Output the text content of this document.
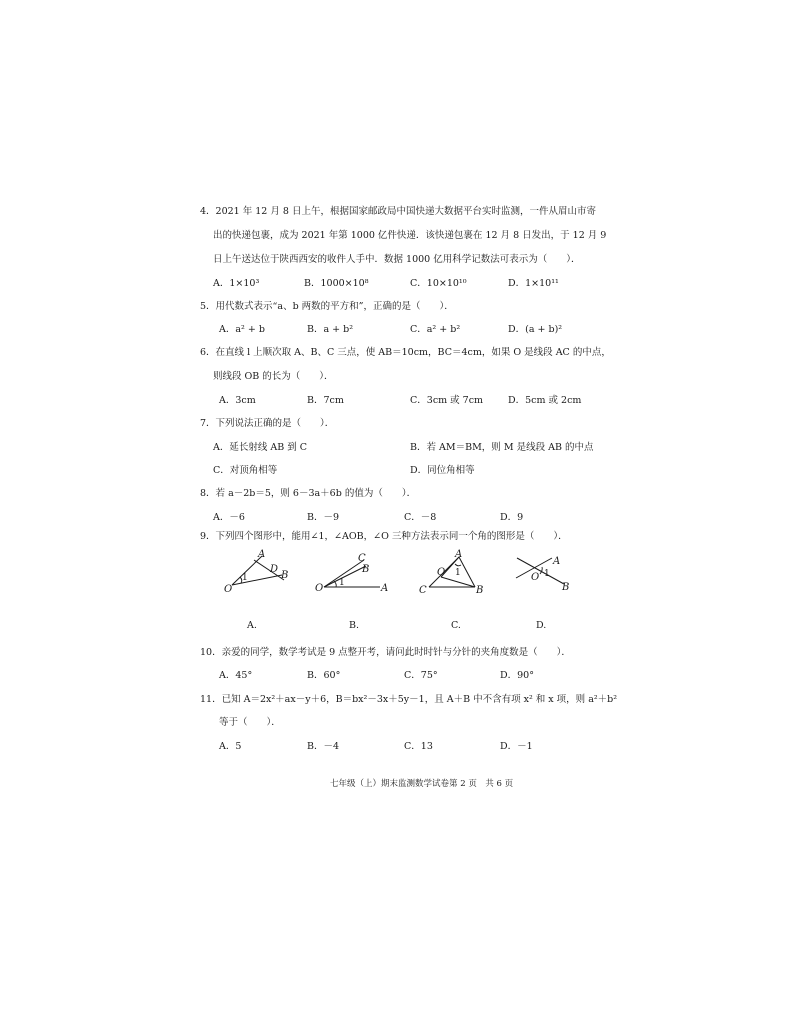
4．2021 年 12 月 8 日上午，根据国家邮政局中国快递大数据平台实时监测，一件从眉山市寄
出的快递包裹，成为 2021 年第 1000 亿件快递．该快递包裹在 12 月 8 日发出，于 12 月 9
日上午送达位于陕西西安的收件人手中．数据 1000 亿用科学记数法可表示为（　　）．
A．1×10³	B．1000×10⁸	C．10×10¹⁰	D．1×10¹¹
5．用代数式表示“a、b 两数的平方和”，正确的是（　　）．
A．a² + b	B．a + b²	C．a² + b²	D．(a + b)²
6．在直线 l 上顺次取 A、B、C 三点，使 AB＝10cm，BC＝4cm，如果 O 是线段 AC 的中点，
则线段 OB 的长为（　　）．
A．3cm	B．7cm	C．3cm 或 7cm	D．5cm 或 2cm
7．下列说法正确的是（　　）．
A．延长射线 AB 到 C	B．若 AM＝BM，则 M 是线段 AB 的中点
C．对顶角相等	D．同位角相等
8．若 a－2b＝5，则 6－3a＋6b 的值为（　　）．
A．－6	B．－9	C．－8	D．9
9．下列四个图形中，能用∠1，∠AOB，∠O 三种方法表示同一个角的图形是（　　）．
A
D
B
O
1
A.
C
B
O	A
1
B.
A
O
C	B
1
C.
A
O
B
1
D.
10．亲爱的同学，数学考试是 9 点整开考，请问此时时针与分针的夹角度数是（　　）．
A．45°	B．60°	C．75°	D．90°
11．已知 A＝2x²＋ax－y＋6，B＝bx²－3x＋5y－1，且 A＋B 中不含有项 x² 和 x 项，则 a²＋b²
等于（　　）．
A．5	B．－4	C．13	D．－1
七年级（上）期末监测数学试卷第 2 页　共 6 页
